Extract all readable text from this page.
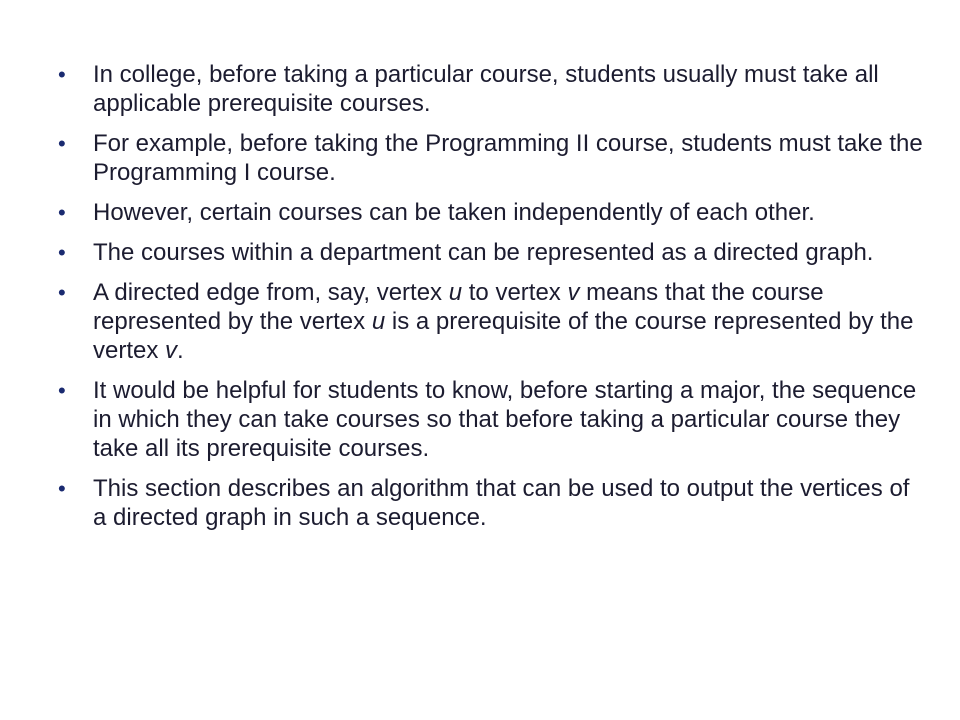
• In college, before taking a particular course, students usually must take all applicable prerequisite courses.
• For example, before taking the Programming II course, students must take the Programming I course.
• However, certain courses can be taken independently of each other.
• The courses within a department can be represented as a directed graph.
• A directed edge from, say, vertex u to vertex v means that the course represented by the vertex u is a prerequisite of the course represented by the vertex v.
• It would be helpful for students to know, before starting a major, the sequence in which they can take courses so that before taking a particular course they take all its prerequisite courses.
• This section describes an algorithm that can be used to output the vertices of a directed graph in such a sequence.
